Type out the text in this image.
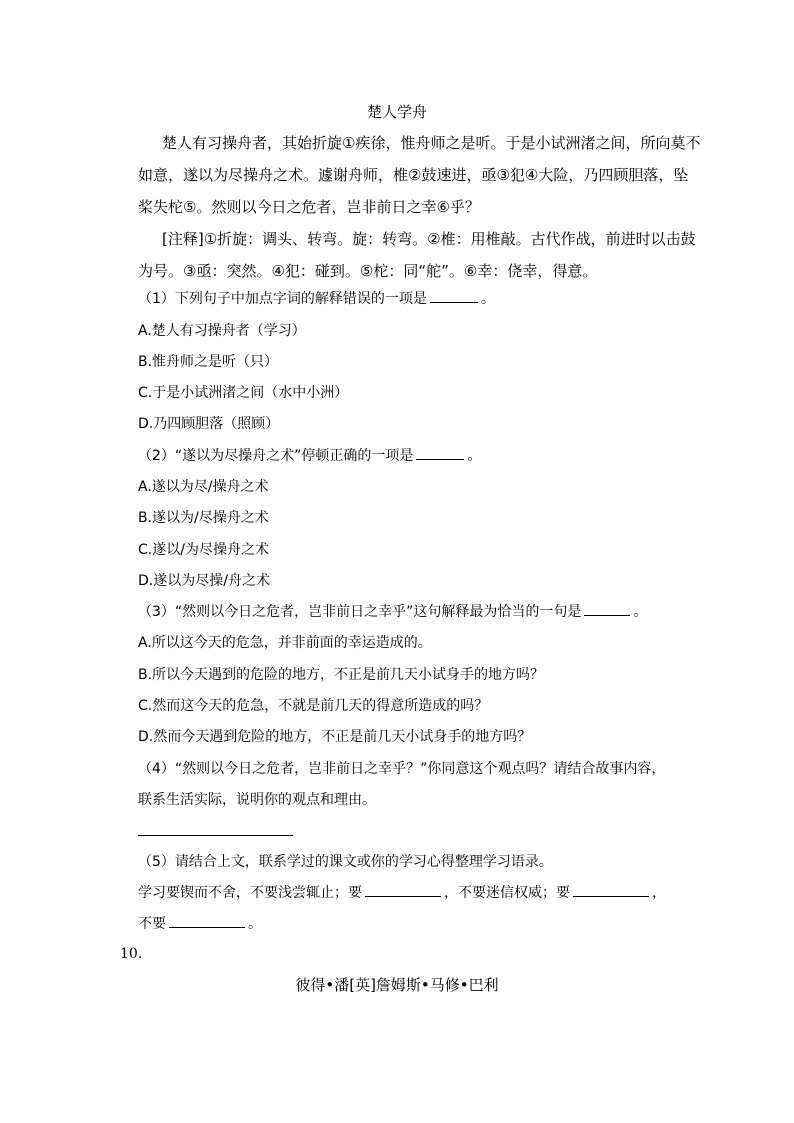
楚人学舟
楚人有习操舟者，其始折旋①疾徐，惟舟师之是听。于是小试洲渚之间，所向莫不
如意，遂以为尽操舟之术。遽谢舟师，椎②鼓速进，亟③犯④大险，乃四顾胆落，坠
桨失柁⑤。然则以今日之危者，岂非前日之幸⑥乎？
[注释]①折旋：调头、转弯。旋：转弯。②椎：用椎敲。古代作战，前进时以击鼓
为号。③亟：突然。④犯：碰到。⑤柁：同“舵”。⑥幸：侥幸，得意。
（1）下列句子中加点字词的解释错误的一项是	。
A.楚人有习操舟者（学习）
B.惟舟师之是听（只）
C.于是小试洲渚之间（水中小洲）
D.乃四顾胆落（照顾）
（2）“遂以为尽操舟之术”停顿正确的一项是	。
A.遂以为尽/操舟之术
B.遂以为/尽操舟之术
C.遂以/为尽操舟之术
D.遂以为尽操/舟之术
（3）“然则以今日之危者，岂非前日之幸乎”这句解释最为恰当的一句是	。
A.所以这今天的危急，并非前面的幸运造成的。
B.所以今天遇到的危险的地方，不正是前几天小试身手的地方吗？
C.然而这今天的危急，不就是前几天的得意所造成的吗？
D.然而今天遇到危险的地方，不正是前几天小试身手的地方吗？
（4）“然则以今日之危者，岂非前日之幸乎？”你同意这个观点吗？请结合故事内容，
联系生活实际，说明你的观点和理由。
（5）请结合上文，联系学过的课文或你的学习心得整理学习语录。
学习要锲而不舍，不要浅尝辄止；要	，不要迷信权威；要	，
不要	。
10.
彼得•潘[英]詹姆斯•马修•巴利
